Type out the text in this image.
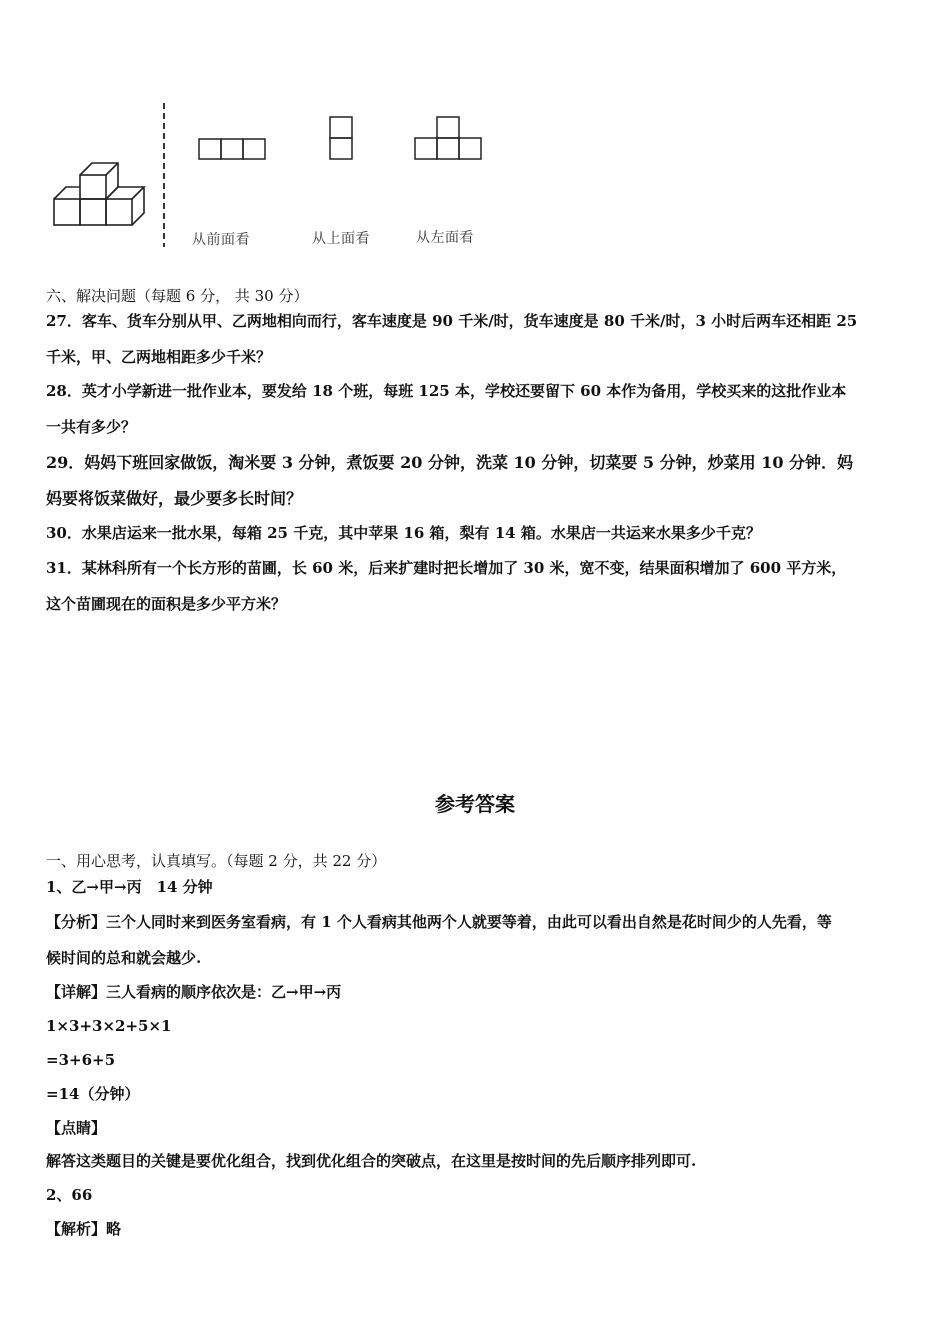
从前面看	从上面看	从左面看
六、解决问题（每题 6 分， 共 30 分）
27．客车、货车分别从甲、乙两地相向而行，客车速度是 90 千米/时，货车速度是 80 千米/时，3 小时后两车还相距 25
千米，甲、乙两地相距多少千米？
28．英才小学新进一批作业本，要发给 18 个班，每班 125 本，学校还要留下 60 本作为备用，学校买来的这批作业本
一共有多少？
29．妈妈下班回家做饭，淘米要 3 分钟，煮饭要 20 分钟，洗菜 10 分钟，切菜要 5 分钟，炒菜用 10 分钟．妈
妈要将饭菜做好，最少要多长时间？
30．水果店运来一批水果，每箱 25 千克，其中苹果 16 箱，梨有 14 箱。水果店一共运来水果多少千克？
31．某林科所有一个长方形的苗圃，长 60 米，后来扩建时把长增加了 30 米，宽不变，结果面积增加了 600 平方米，
这个苗圃现在的面积是多少平方米？
参考答案
一、用心思考，认真填写。（每题 2 分，共 22 分）
1、乙→甲→丙　14 分钟
【分析】三个人同时来到医务室看病，有 1 个人看病其他两个人就要等着，由此可以看出自然是花时间少的人先看，等
候时间的总和就会越少.
【详解】三人看病的顺序依次是：乙→甲→丙
1×3+3×2+5×1
=3+6+5
=14（分钟）
【点睛】
解答这类题目的关键是要优化组合，找到优化组合的突破点，在这里是按时间的先后顺序排列即可.
2、66
【解析】略
